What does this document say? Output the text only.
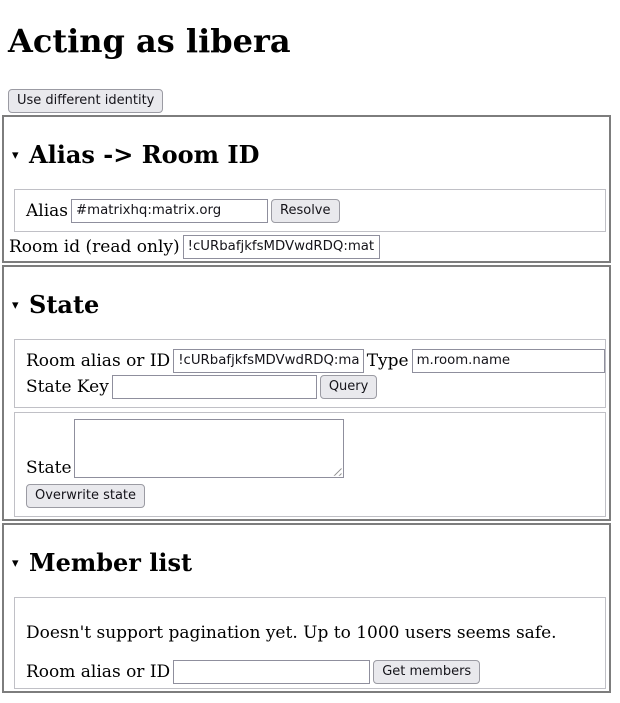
Acting as libera
Use different identity
▾ Alias -> Room ID
Alias
#matrixhq:matrix.org	Resolve
Room id (read only)
!cURbafjkfsMDVwdRDQ:matrix.
▾ State
Room alias or ID
!cURbafjkfsMDVwdRDQ:matrix.	Type
m.room.name
State Key	Query
State
Overwrite state
▾ Member list

Doesn't support pagination yet. Up to 1000 users seems safe.

Room alias or ID	Get members
